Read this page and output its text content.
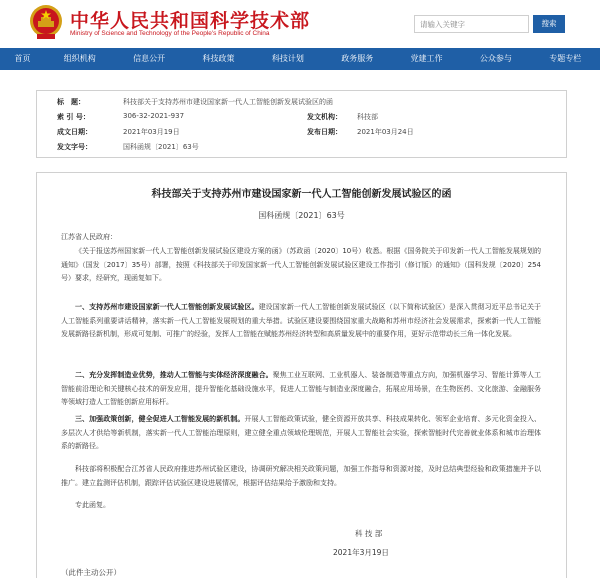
中华人民共和国科学技术部
Ministry of Science and Technology of the People's Republic of China
请输入关键字	搜索
首页	组织机构	信息公开	科技政策	科技计划	政务服务	党建工作	公众参与	专题专栏
标　题：	科技部关于支持苏州市建设国家新一代人工智能创新发展试验区的函
索 引 号：	306-32-2021-937	发文机构： 科技部
成文日期：	2021年03月19日	发布日期： 2021年03月24日
发文字号：	国科函规〔2021〕63号
科技部关于支持苏州市建设国家新一代人工智能创新发展试验区的函
国科函规〔2021〕63号
江苏省人民政府：
《关于报送苏州国家新一代人工智能创新发展试验区建设方案的函》（苏政函〔2020〕10号）收悉。根据《国务院关于印发新一代人工智能发展规划的通知》（国发〔2017〕35号）部署，按照《科技部关于印发国家新一代人工智能创新发展试验区建设工作指引（修订版）的通知》（国科发规〔2020〕254号）要求，经研究，现函复如下。
一、支持苏州市建设国家新一代人工智能创新发展试验区。建设国家新一代人工智能创新发展试验区（以下简称试验区）是深入贯彻习近平总书记关于人工智能系列重要讲话精神，落实新一代人工智能发展规划的重大举措。试验区建设要围绕国家重大战略和苏州市经济社会发展需求，探索新一代人工智能发展新路径新机制，形成可复制、可推广的经验，发挥人工智能在赋能苏州经济转型和高质量发展中的重要作用，更好示范带动长三角一体化发展。
二、充分发挥制造业优势，推动人工智能与实体经济深度融合。聚焦工业互联网、工业机器人、装备制造等重点方向，加强机器学习、智能计算等人工智能前沿理论和关键核心技术的研发应用，提升智能化基础设施水平，促进人工智能与制造业深度融合，拓展应用场景，在生物医药、文化旅游、金融服务等领域打造人工智能创新应用标杆。
三、加强政策创新，健全促进人工智能发展的新机制。开展人工智能政策试验，健全资源开放共享、科技成果转化、领军企业培育、多元化资金投入、多层次人才供给等新机制，落实新一代人工智能治理原则，建立健全重点领域伦理规范，开展人工智能社会实验，探索智能时代完善就业体系和城市治理体系的新路径。
科技部将积极配合江苏省人民政府推进苏州试验区建设，协调研究解决相关政策问题，加强工作指导和资源对接，及时总结典型经验和政策措施并予以推广。建立监测评估机制，跟踪评估试验区建设进展情况，根据评估结果给予激励和支持。
专此函复。
科 技 部
2021年3月19日
（此件主动公开）
